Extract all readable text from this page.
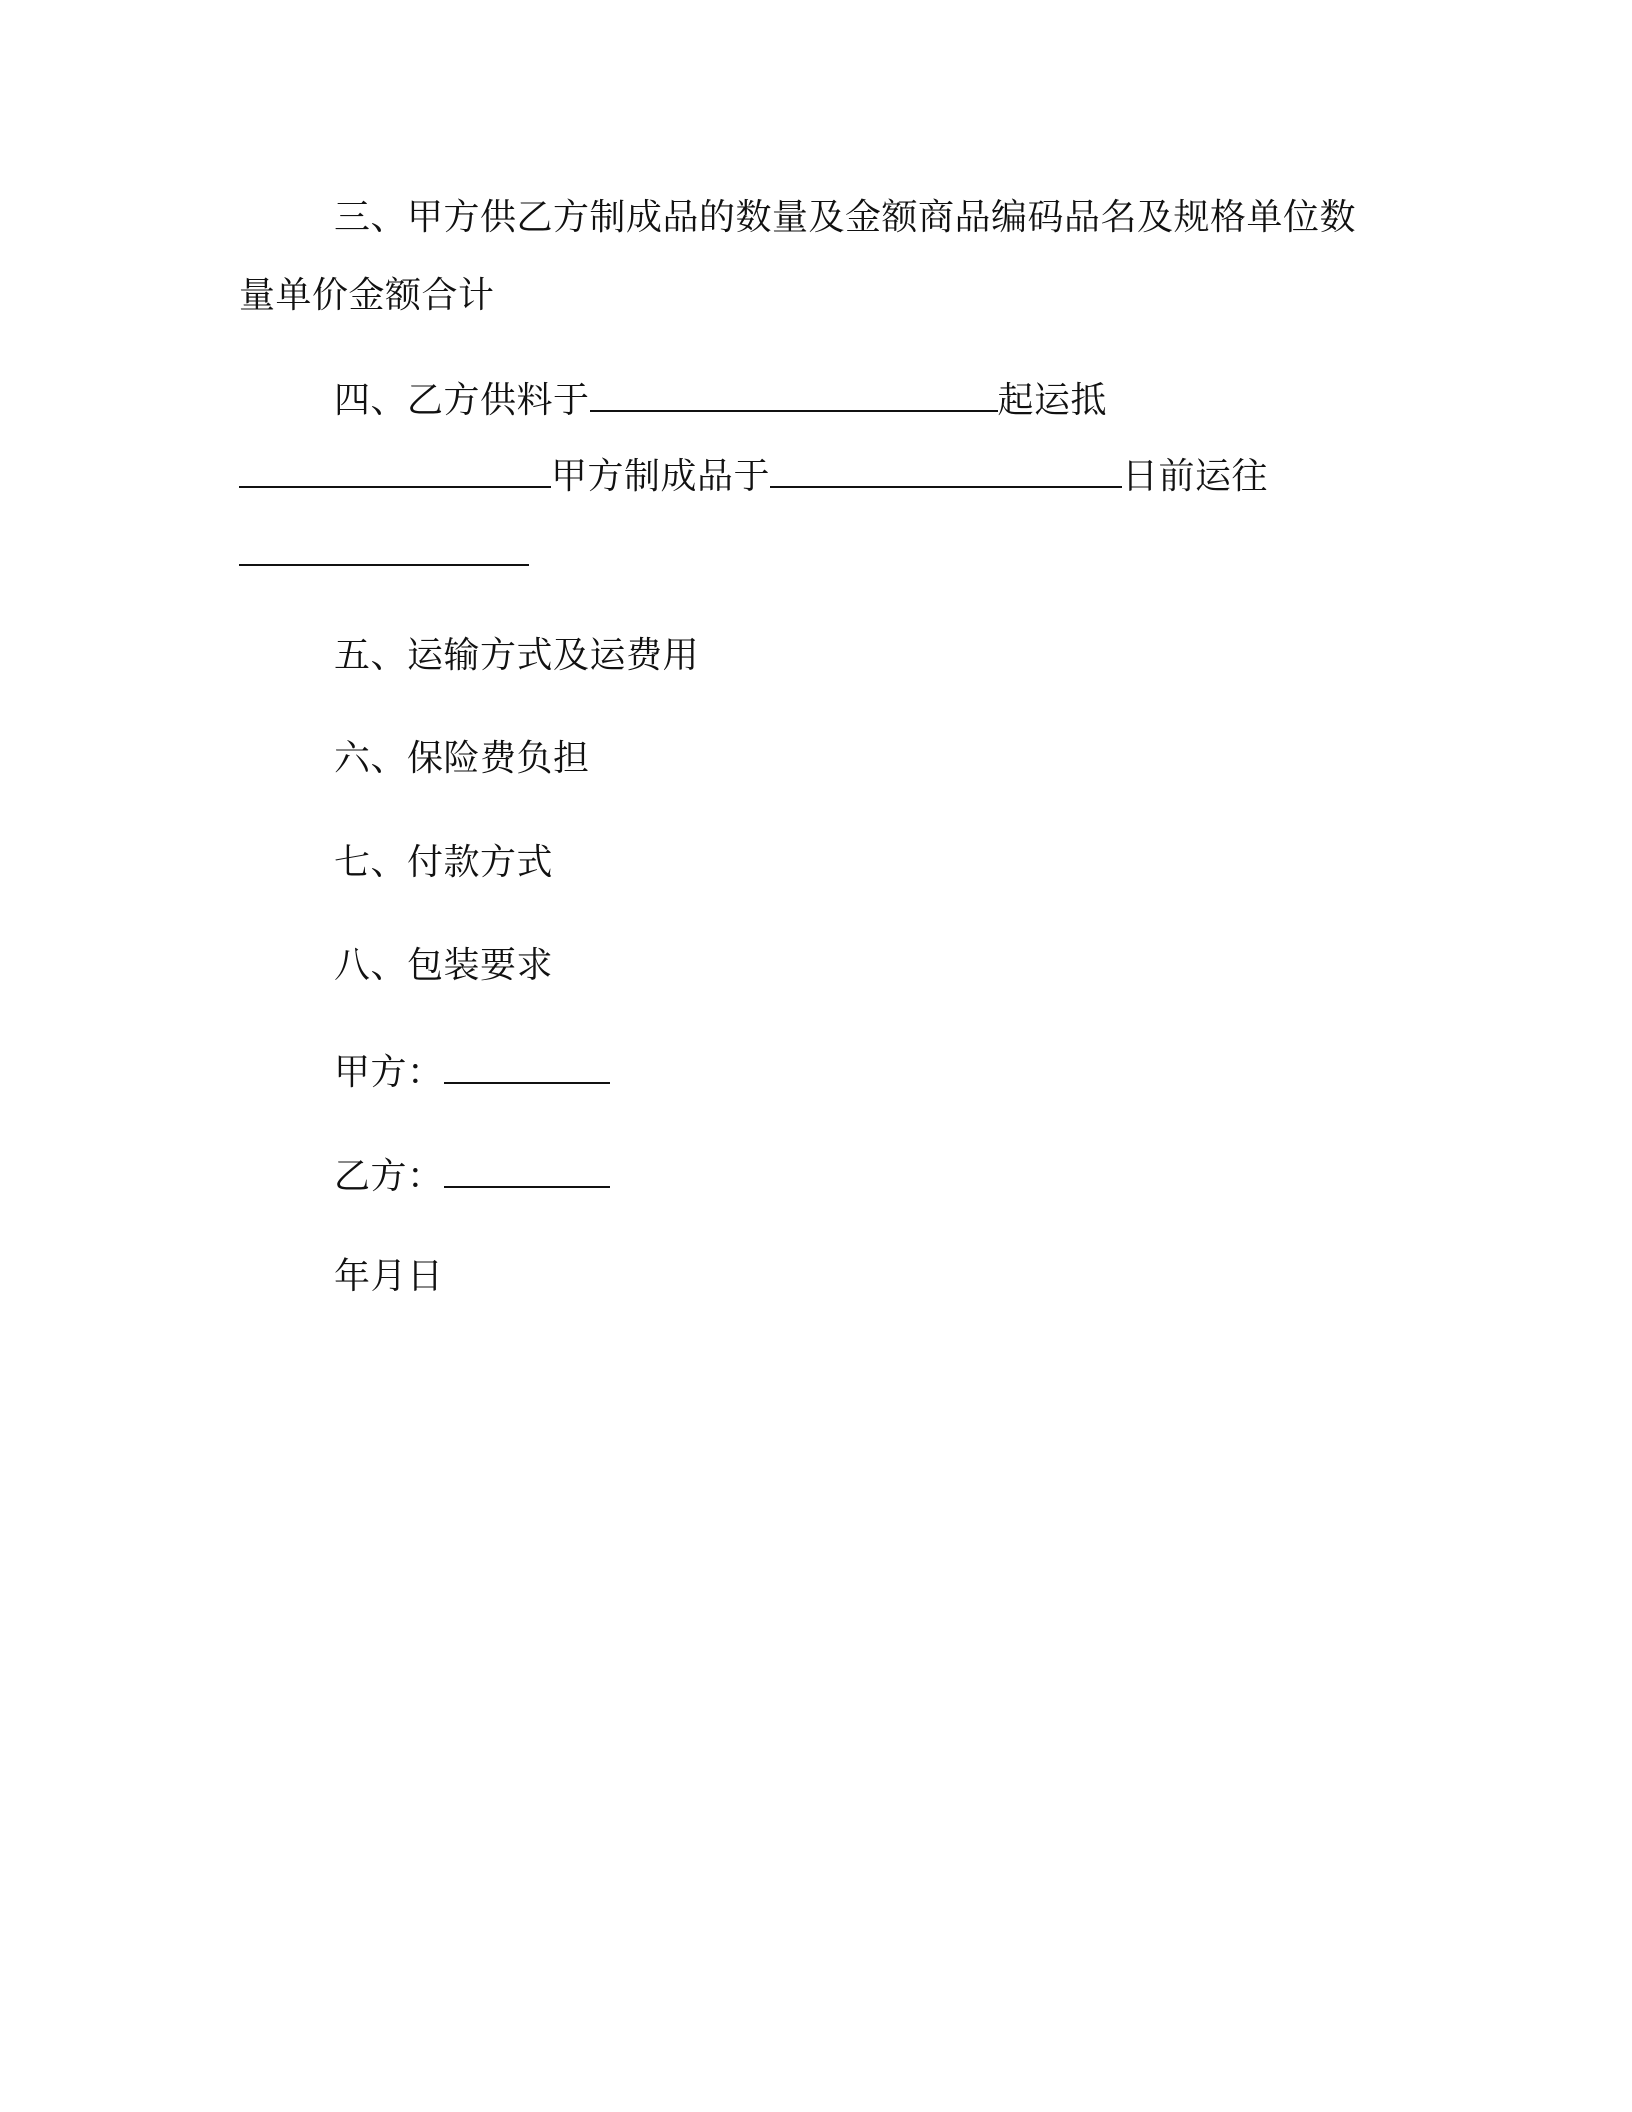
三、甲方供乙方制成品的数量及金额商品编码品名及规格单位数
量单价金额合计
四、乙方供料于	起运抵
甲方制成品于	日前运往
五、运输方式及运费用
六、保险费负担
七、付款方式
八、包装要求
甲方：
乙方：
年月日
